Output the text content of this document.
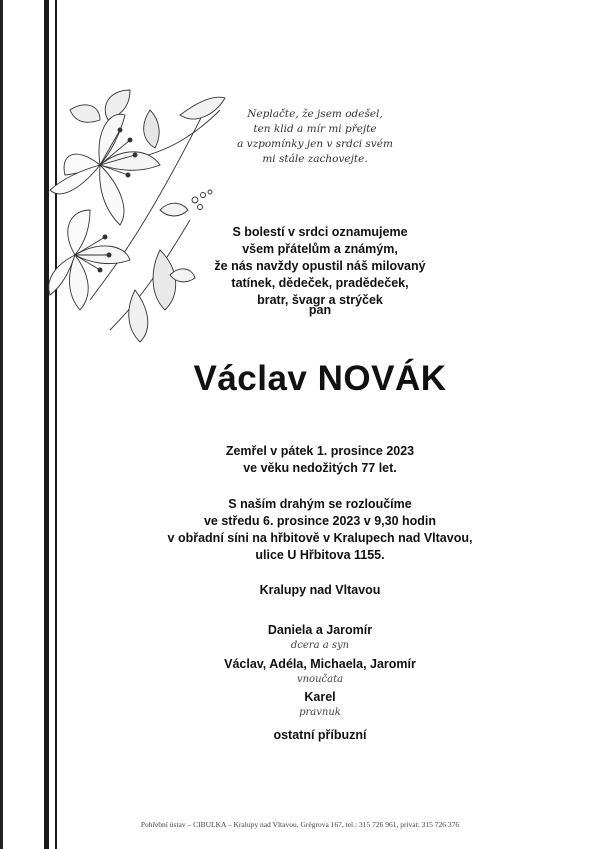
Neplačte, že jsem odešel,
ten klid a mír mi přejte
a vzpomínky jen v srdci svém
mi stále zachovejte.
S bolestí v srdci oznamujeme
všem přátelům a známým,
že nás navždy opustil náš milovaný
tatínek, dědeček, pradědeček,
bratr, švagr a strýček
pan
Václav NOVÁK
Zemřel v pátek 1. prosince 2023
ve věku nedožitých 77 let.
S naším drahým se rozloučíme
ve středu 6. prosince 2023 v 9,30 hodin
v obřadní síni na hřbitově v Kralupech nad Vltavou,
ulice U Hřbitova 1155.
Kralupy nad Vltavou
Daniela a Jaromír
dcera a syn
Václav, Adéla, Michaela, Jaromír
vnoučata
Karel
pravnuk
ostatní příbuzní
Pohřební ústav – CIBULKA – Kralupy nad Vltavou, Grégrova 167, tel.: 315 726 961, privat: 315 726 376
